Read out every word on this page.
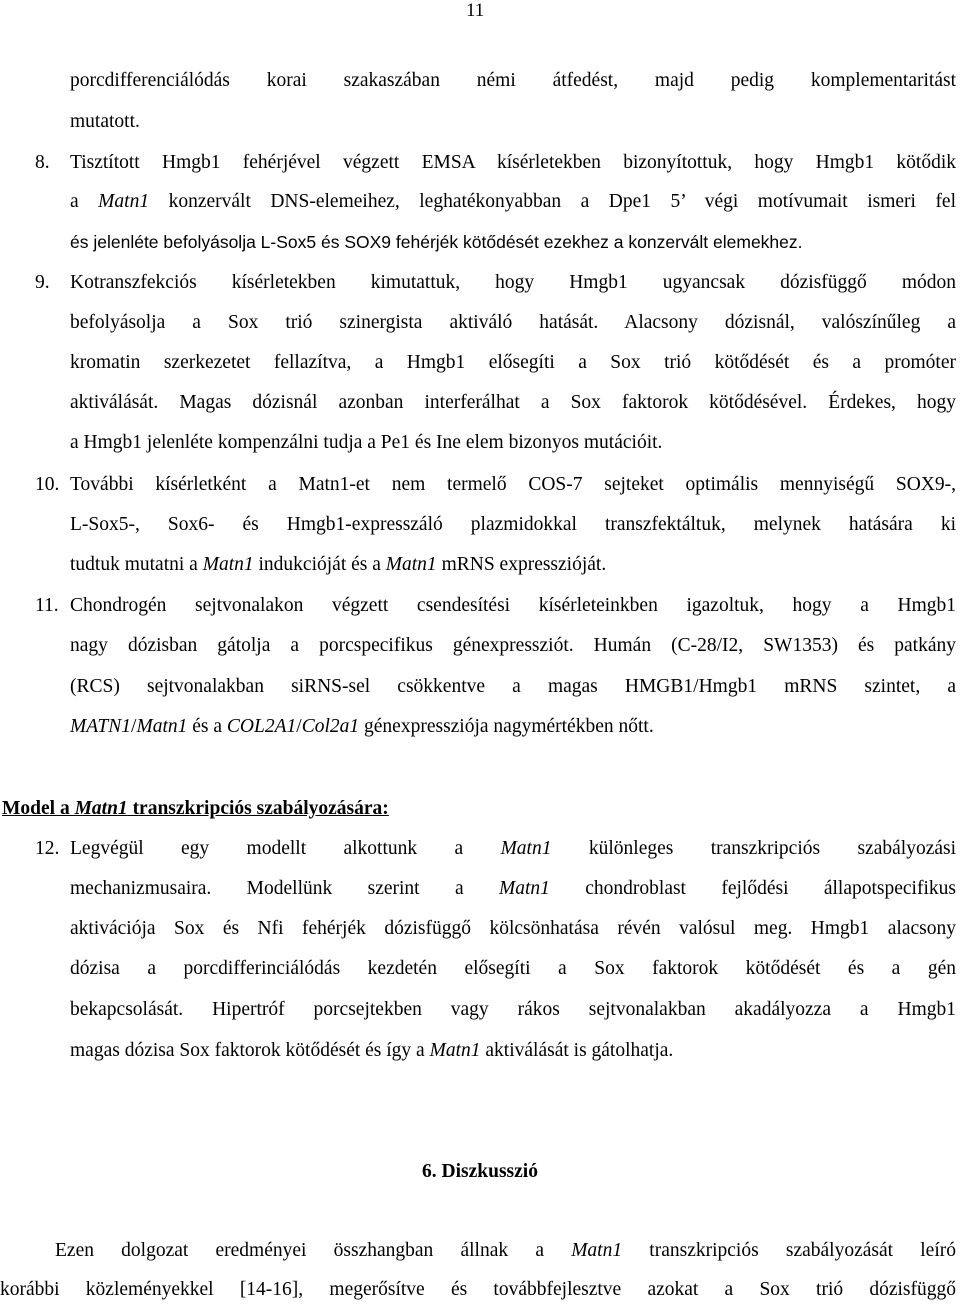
11
porcdifferenciálódás korai szakaszában némi átfedést, majd pedig komplementaritást
mutatott.
8. Tisztított Hmgb1 fehérjével végzett EMSA kísérletekben bizonyítottuk, hogy Hmgb1 kötődik
a Matn1 konzervált DNS-elemeihez, leghatékonyabban a Dpe1 5’ végi motívumait ismeri fel
és jelenléte befolyásolja L-Sox5 és SOX9 fehérjék kötődését ezekhez a konzervált elemekhez.
9. Kotranszfekciós kísérletekben kimutattuk, hogy Hmgb1 ugyancsak dózisfüggő módon
befolyásolja a Sox trió szinergista aktiváló hatását. Alacsony dózisnál, valószínűleg a
kromatin szerkezetet fellazítva, a Hmgb1 elősegíti a Sox trió kötődését és a promóter
aktiválását. Magas dózisnál azonban interferálhat a Sox faktorok kötődésével. Érdekes, hogy
a Hmgb1 jelenléte kompenzálni tudja a Pe1 és Ine elem bizonyos mutációit.
10. További kísérletként a Matn1-et nem termelő COS-7 sejteket optimális mennyiségű SOX9-,
L-Sox5-, Sox6- és Hmgb1-expresszáló plazmidokkal transzfektáltuk, melynek hatására ki
tudtuk mutatni a Matn1 indukcióját és a Matn1 mRNS expresszióját.
11. Chondrogén sejtvonalakon végzett csendesítési kísérleteinkben igazoltuk, hogy a Hmgb1
nagy dózisban gátolja a porcspecifikus génexpressziót. Humán (C-28/I2, SW1353) és patkány
(RCS) sejtvonalakban siRNS-sel csökkentve a magas HMGB1/Hmgb1 mRNS szintet, a
MATN1/Matn1 és a COL2A1/Col2a1 génexpressziója nagymértékben nőtt.
Model a Matn1 transzkripciós szabályozására:
12. Legvégül egy modellt alkottunk a Matn1 különleges transzkripciós szabályozási
mechanizmusaira. Modellünk szerint a Matn1 chondroblast fejlődési állapotspecifikus
aktivációja Sox és Nfi fehérjék dózisfüggő kölcsönhatása révén valósul meg. Hmgb1 alacsony
dózisa a porcdifferinciálódás kezdetén elősegíti a Sox faktorok kötődését és a gén
bekapcsolását. Hipertróf porcsejtekben vagy rákos sejtvonalakban akadályozza a Hmgb1
magas dózisa Sox faktorok kötődését és így a Matn1 aktiválását is gátolhatja.
6. Diszkusszió
Ezen dolgozat eredményei összhangban állnak a Matn1 transzkripciós szabályozását leíró
korábbi közleményekkel [14-16], megerősítve és továbbfejlesztve azokat a Sox trió dózisfüggő
